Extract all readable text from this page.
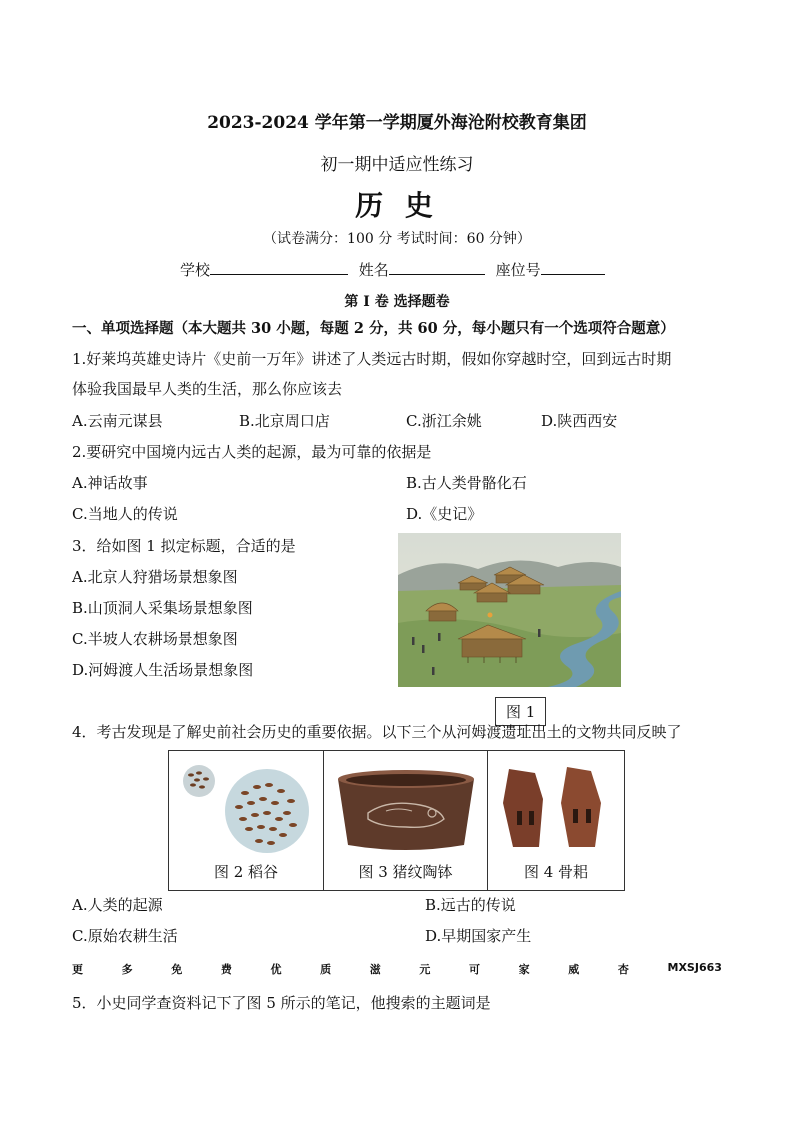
2023-2024 学年第一学期厦外海沧附校教育集团
初一期中适应性练习
历 史
（试卷满分：100 分 考试时间：60 分钟）
学校	姓名	座位号
第 I 卷 选择题卷
一、单项选择题（本大题共 30 小题，每题 2 分，共 60 分，每小题只有一个选项符合题意）
1.好莱坞英雄史诗片《史前一万年》讲述了人类远古时期，假如你穿越时空，回到远古时期
体验我国最早人类的生活，那么你应该去
A.云南元谋县	B.北京周口店	C.浙江余姚	D.陕西西安
2.要研究中国境内远古人类的起源，最为可靠的依据是
A.神话故事	B.古人类骨骼化石
C.当地人的传说	D.《史记》
3．给如图 1 拟定标题，合适的是
A.北京人狩猎场景想象图
B.山顶洞人采集场景想象图
C.半坡人农耕场景想象图
D.河姆渡人生活场景想象图
图 1
4．考古发现是了解史前社会历史的重要依据。以下三个从河姆渡遗址出土的文物共同反映了
图 2 稻谷	图 3 猪纹陶钵	图 4 骨耜
A.人类的起源	B.远古的传说
C.原始农耕生活	D.早期国家产生
更	多	免	费	优	质	滋	元	可	家	威	杏	MXSJ663
5．小史同学查资料记下了图 5 所示的笔记，他搜索的主题词是
